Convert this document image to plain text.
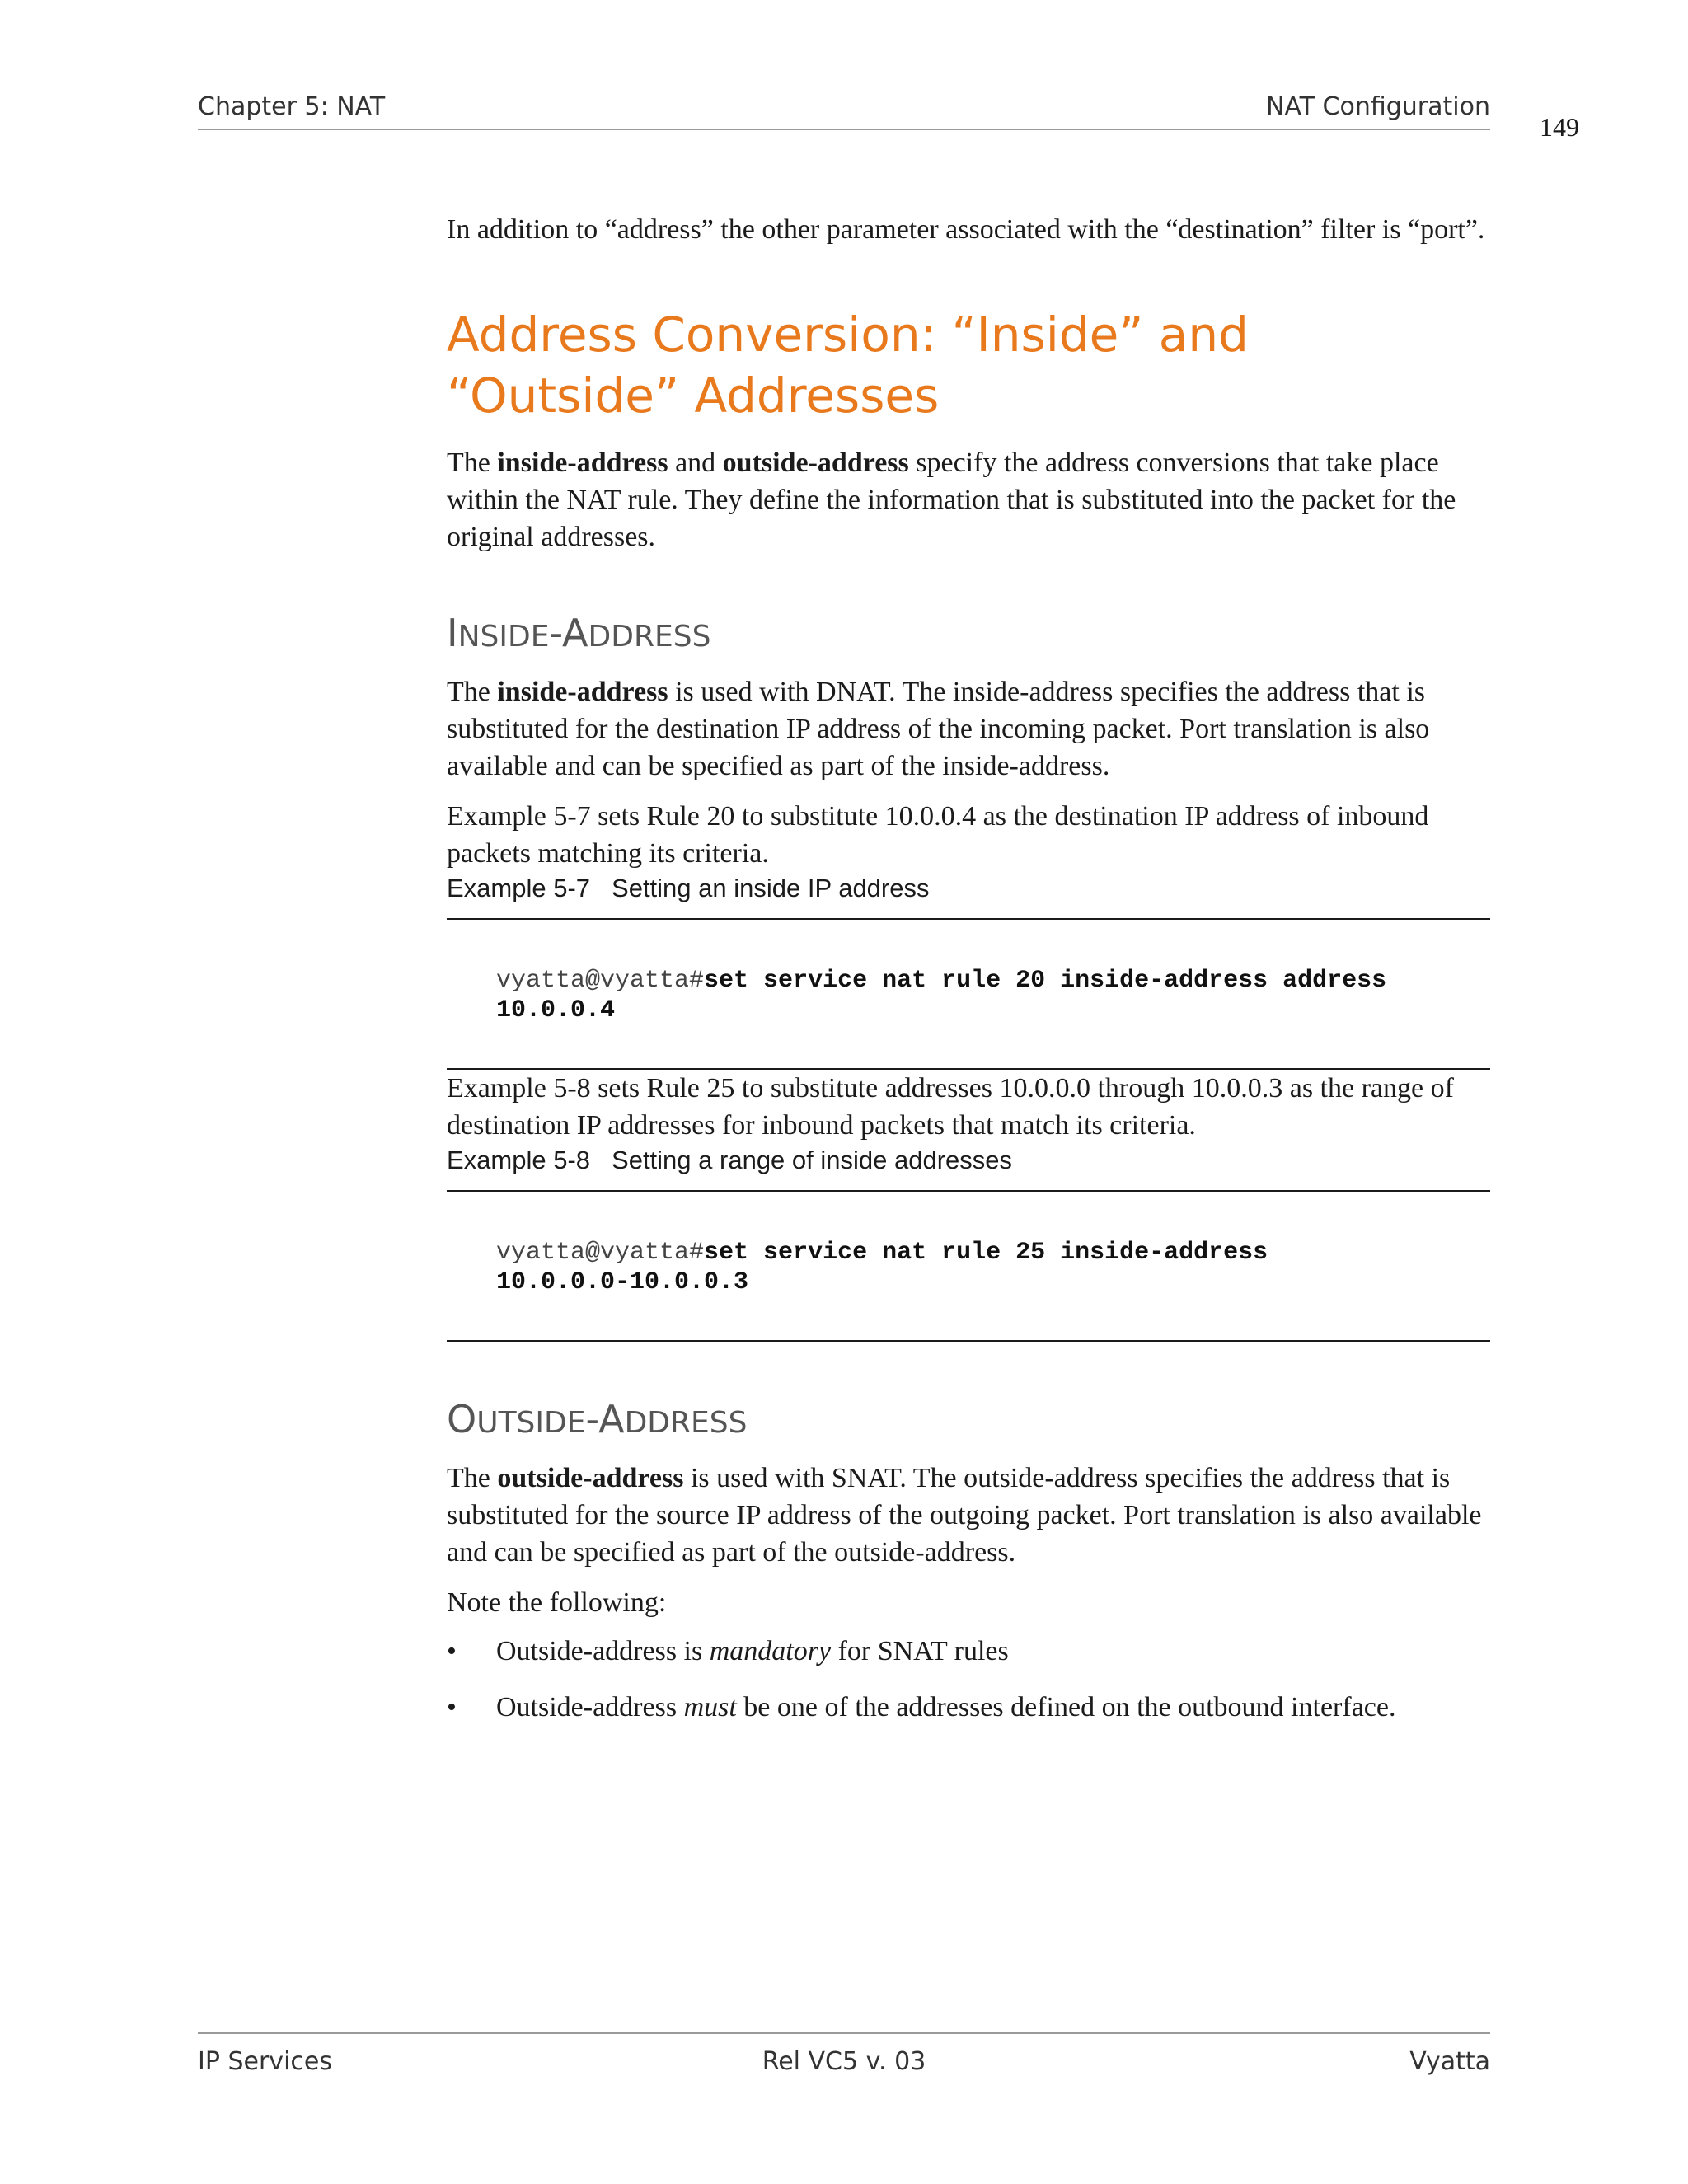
Chapter 5: NAT	NAT Configuration
149

In addition to “address” the other parameter associated with the “destination” filter is “port”.

Address Conversion: “Inside” and “Outside” Addresses

The inside-address and outside-address specify the address conversions that take place within the NAT rule. They define the information that is substituted into the packet for the original addresses.

INSIDE-ADDRESS

The inside-address is used with DNAT. The inside-address specifies the address that is substituted for the destination IP address of the incoming packet. Port translation is also available and can be specified as part of the inside-address.

Example 5-7 sets Rule 20 to substitute 10.0.0.4 as the destination IP address of inbound packets matching its criteria.

Example 5-7 Setting an inside IP address

vyatta@vyatta#set service nat rule 20 inside-address address
10.0.0.4

Example 5-8 sets Rule 25 to substitute addresses 10.0.0.0 through 10.0.0.3 as the range of destination IP addresses for inbound packets that match its criteria.

Example 5-8 Setting a range of inside addresses

vyatta@vyatta#set service nat rule 25 inside-address
10.0.0.0-10.0.0.3
OUTSIDE-ADDRESS

The outside-address is used with SNAT. The outside-address specifies the address that is substituted for the source IP address of the outgoing packet. Port translation is also available and can be specified as part of the outside-address.

Note the following:

• Outside-address is mandatory for SNAT rules
• Outside-address must be one of the addresses defined on the outbound interface.
IP Services	Rel VC5 v. 03	Vyatta
